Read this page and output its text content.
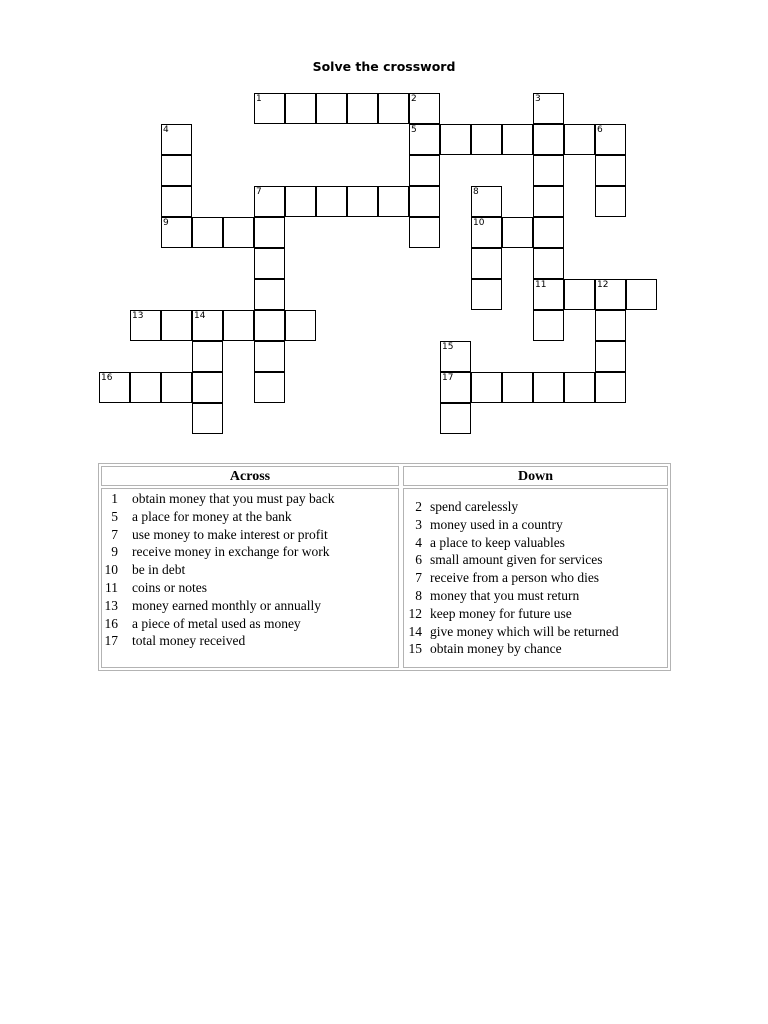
Solve the crossword
1	2	3
4	5	6
7	8
9	10
11	12
13	14
15
16	17
Across
1 obtain money that you must pay back
5 a place for money at the bank
7 use money to make interest or profit
9 receive money in exchange for work
10 be in debt
11 coins or notes
13 money earned monthly or annually
16 a piece of metal used as money
17 total money received
Down
2 spend carelessly
3 money used in a country
4 a place to keep valuables
6 small amount given for services
7 receive from a person who dies
8 money that you must return
12 keep money for future use
14 give money which will be returned
15 obtain money by chance
